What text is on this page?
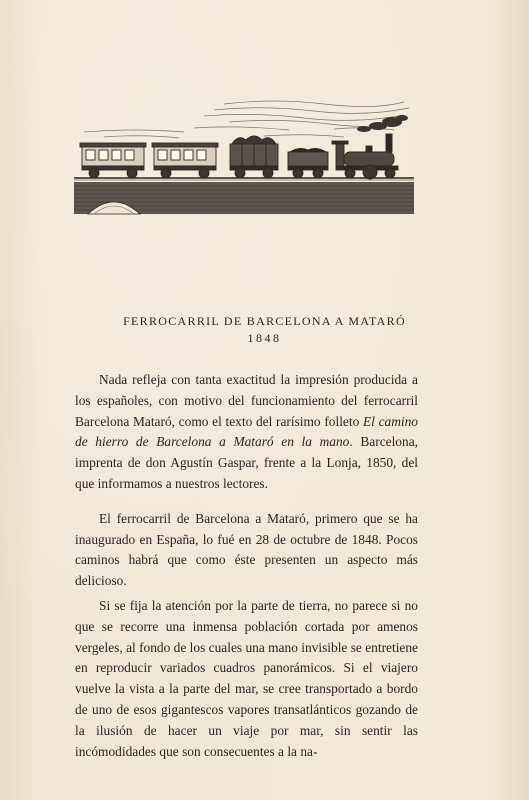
FERROCARRIL DE BARCELONA A MATARÓ
1848

Nada refleja con tanta exactitud la impresión producida a los españoles, con motivo del funcionamiento del ferrocarril Barcelona Mataró, como el texto del rarísimo folleto El camino de hierro de Barcelona a Mataró en la mano. Barcelona, imprenta de don Agustín Gaspar, frente a la Lonja, 1850, del que informamos a nuestros lectores.

El ferrocarril de Barcelona a Mataró, primero que se ha inaugurado en España, lo fué en 28 de octubre de 1848. Pocos caminos habrá que como éste presenten un aspecto más delicioso.

Si se fija la atención por la parte de tierra, no parece si no que se recorre una inmensa población cortada por amenos vergeles, al fondo de los cuales una mano invisible se entretiene en reproducir variados cuadros panorámicos. Si el viajero vuelve la vista a la parte del mar, se cree transportado a bordo de uno de esos gigantescos vapores transatlánticos gozando de la ilusión de hacer un viaje por mar, sin sentir las incómodidades que son consecuentes a la na-
